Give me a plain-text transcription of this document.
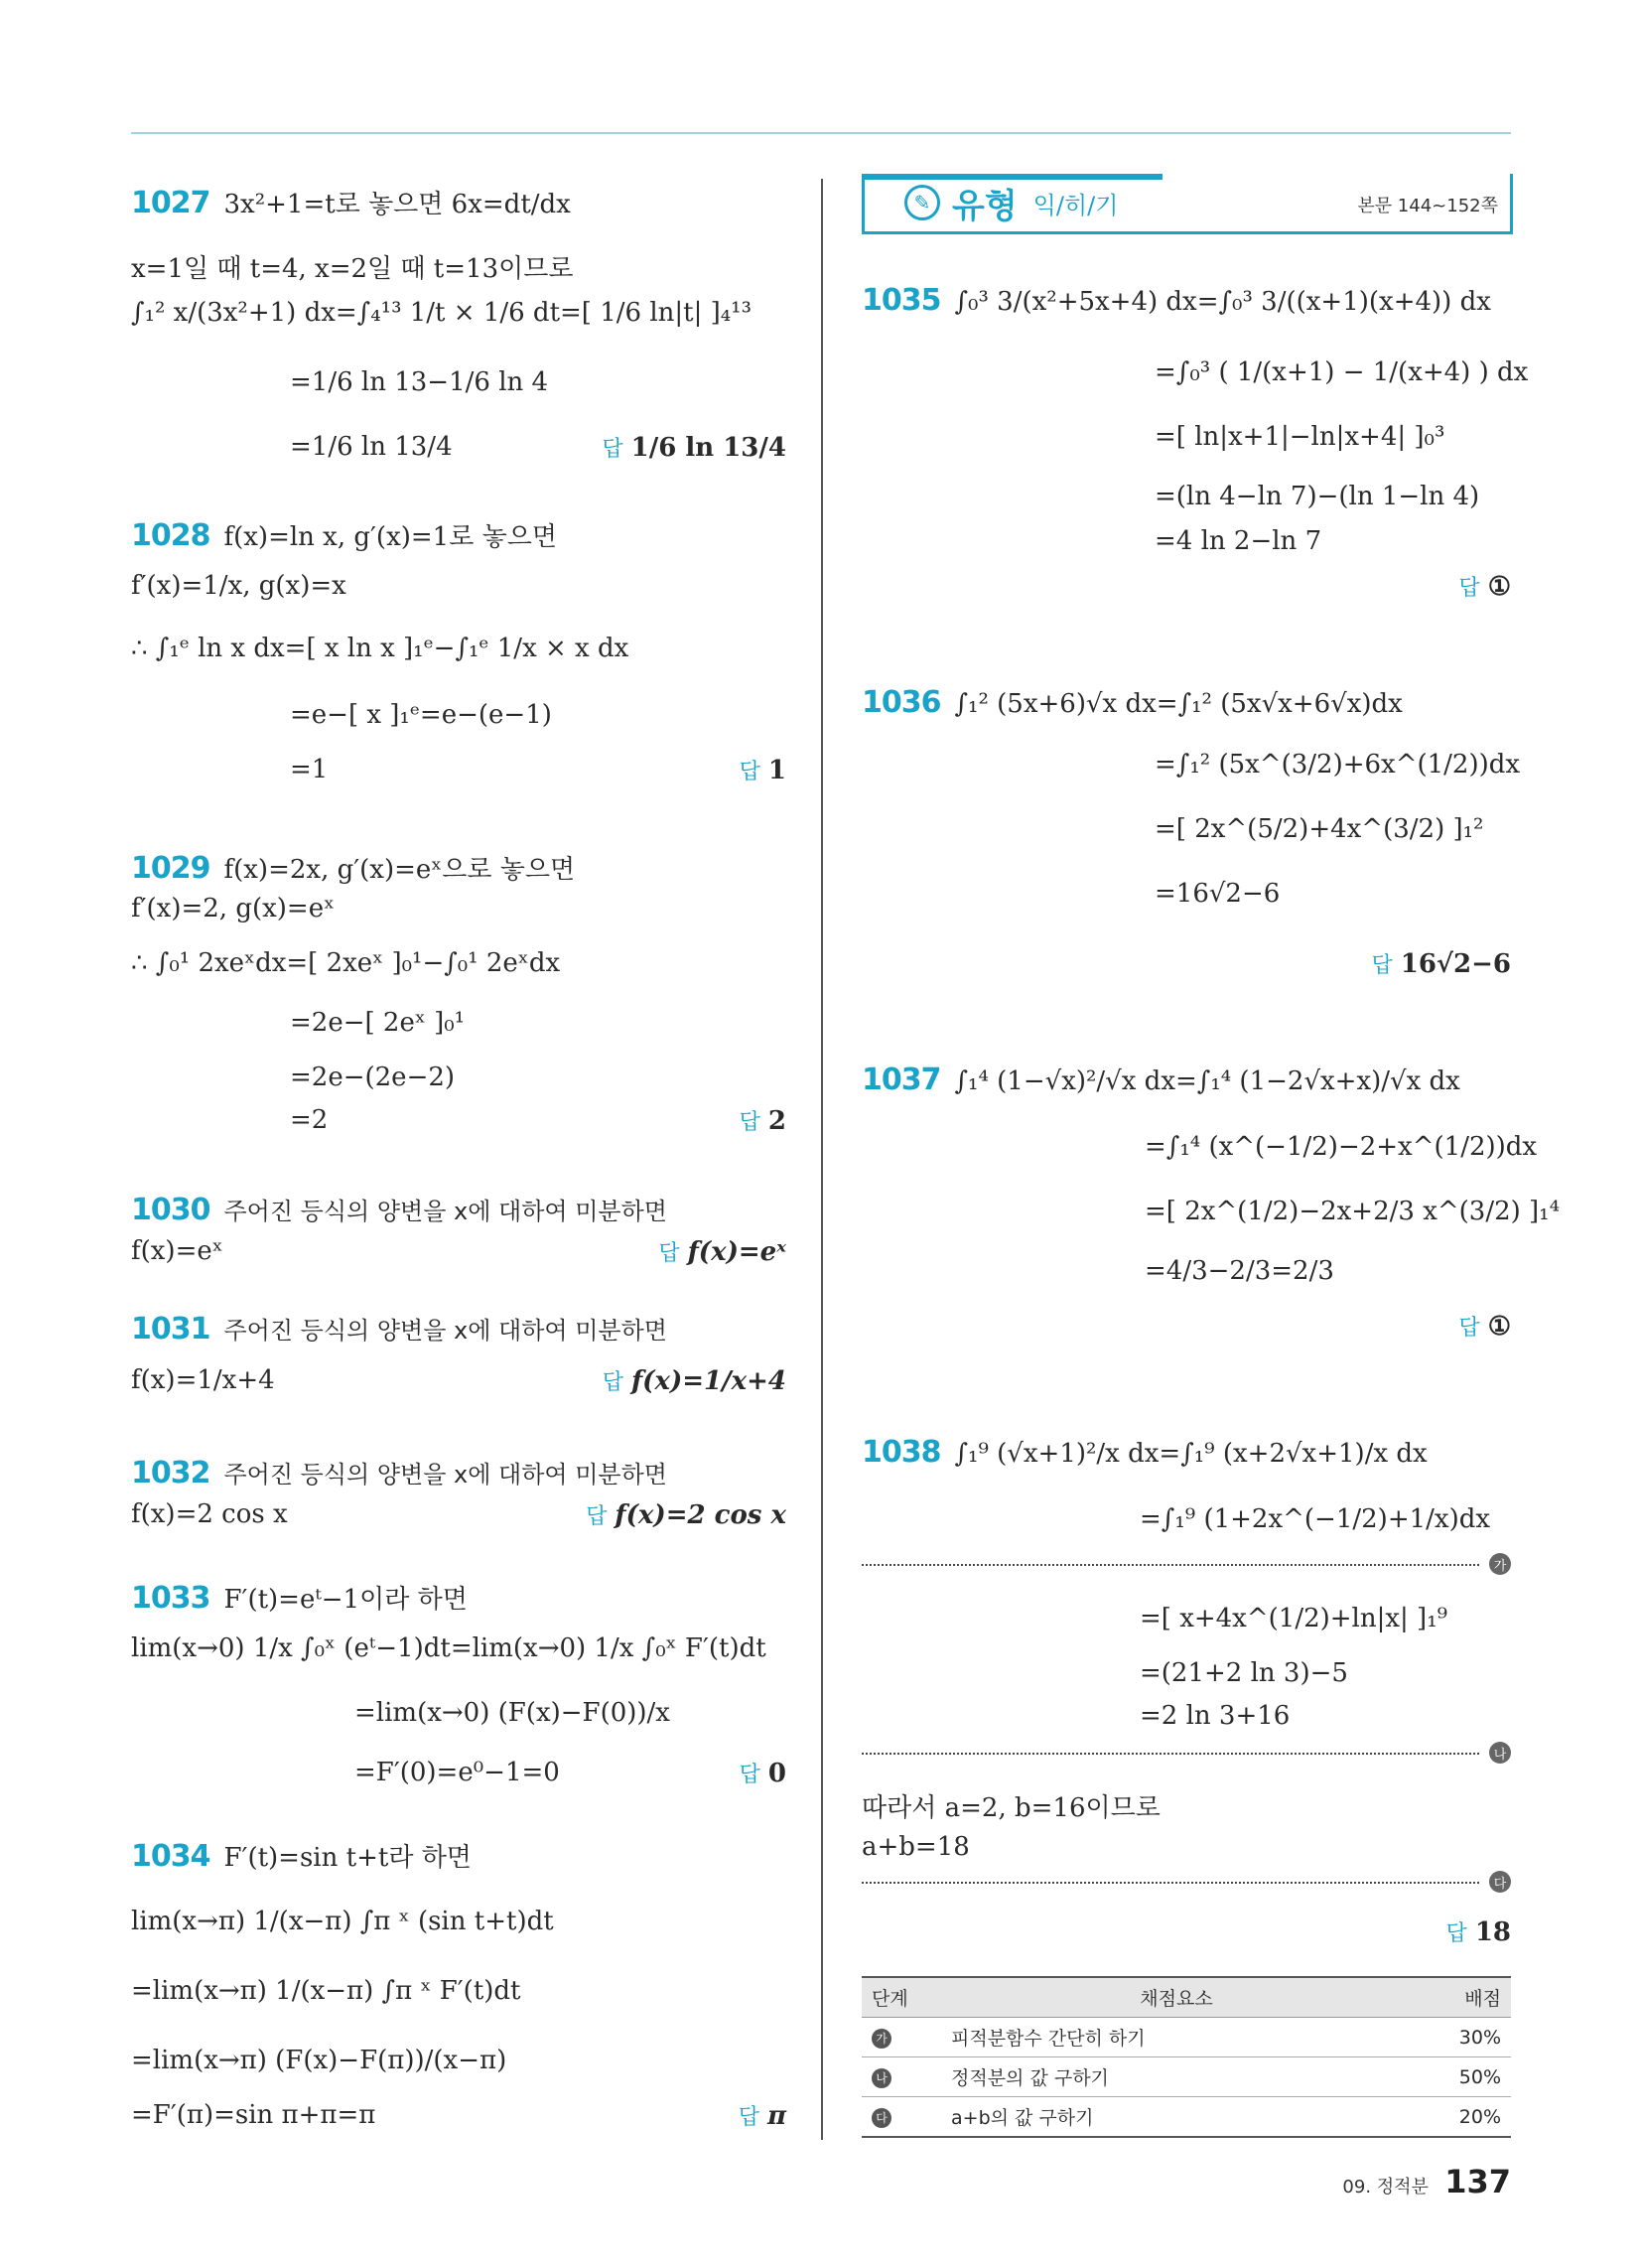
1027 3x²+1=t로 놓으면 6x=dt/dx
x=1일 때 t=4, x=2일 때 t=13이므로
∫₁² x/(3x²+1) dx=∫₄¹³ 1/t × 1/6 dt=[ 1/6 ln|t| ]₄¹³
=1/6 ln 13−1/6 ln 4
=1/6 ln 13/4	답 1/6 ln 13/4
1028 f(x)=ln x, g′(x)=1로 놓으면
f′(x)=1/x, g(x)=x
∴ ∫₁ᵉ ln x dx=[ x ln x ]₁ᵉ−∫₁ᵉ 1/x × x dx
=e−[ x ]₁ᵉ=e−(e−1)
=1	답 1
1029 f(x)=2x, g′(x)=eˣ으로 놓으면
f′(x)=2, g(x)=eˣ
∴ ∫₀¹ 2xeˣdx=[ 2xeˣ ]₀¹−∫₀¹ 2eˣdx
=2e−[ 2eˣ ]₀¹
=2e−(2e−2)
=2	답 2
1030 주어진 등식의 양변을 x에 대하여 미분하면
f(x)=eˣ	답 f(x)=eˣ
1031 주어진 등식의 양변을 x에 대하여 미분하면
f(x)=1/x+4	답 f(x)=1/x+4
1032 주어진 등식의 양변을 x에 대하여 미분하면
f(x)=2 cos x	답 f(x)=2 cos x
1033 F′(t)=eᵗ−1이라 하면
lim(x→0) 1/x ∫₀ˣ (eᵗ−1)dt=lim(x→0) 1/x ∫₀ˣ F′(t)dt
=lim(x→0) (F(x)−F(0))/x
=F′(0)=e⁰−1=0	답 0
1034 F′(t)=sin t+t라 하면
lim(x→π) 1/(x−π) ∫π ˣ (sin t+t)dt
=lim(x→π) 1/(x−π) ∫π ˣ F′(t)dt
=lim(x→π) (F(x)−F(π))/(x−π)
=F′(π)=sin π+π=π	답 π
✎ 유형 익/히/기	본문 144~152쪽
1035 ∫₀³ 3/(x²+5x+4) dx=∫₀³ 3/((x+1)(x+4)) dx
=∫₀³ ( 1/(x+1) − 1/(x+4) ) dx
=[ ln|x+1|−ln|x+4| ]₀³
=(ln 4−ln 7)−(ln 1−ln 4)
=4 ln 2−ln 7
답 ①
1036 ∫₁² (5x+6)√x dx=∫₁² (5x√x+6√x)dx
=∫₁² (5x^(3/2)+6x^(1/2))dx
=[ 2x^(5/2)+4x^(3/2) ]₁²
=16√2−6
답 16√2−6
1037 ∫₁⁴ (1−√x)²/√x dx=∫₁⁴ (1−2√x+x)/√x dx
=∫₁⁴ (x^(−1/2)−2+x^(1/2))dx
=[ 2x^(1/2)−2x+2/3 x^(3/2) ]₁⁴
=4/3−2/3=2/3
답 ①
1038 ∫₁⁹ (√x+1)²/x dx=∫₁⁹ (x+2√x+1)/x dx
=∫₁⁹ (1+2x^(−1/2)+1/x)dx
가
=[ x+4x^(1/2)+ln|x| ]₁⁹
=(21+2 ln 3)−5
=2 ln 3+16
나
따라서 a=2, b=16이므로
a+b=18
다
답 18
단계	채점요소	배점
가	피적분함수 간단히 하기	30%
나	정적분의 값 구하기	50%
다	a+b의 값 구하기	20%
09. 정적분 137
